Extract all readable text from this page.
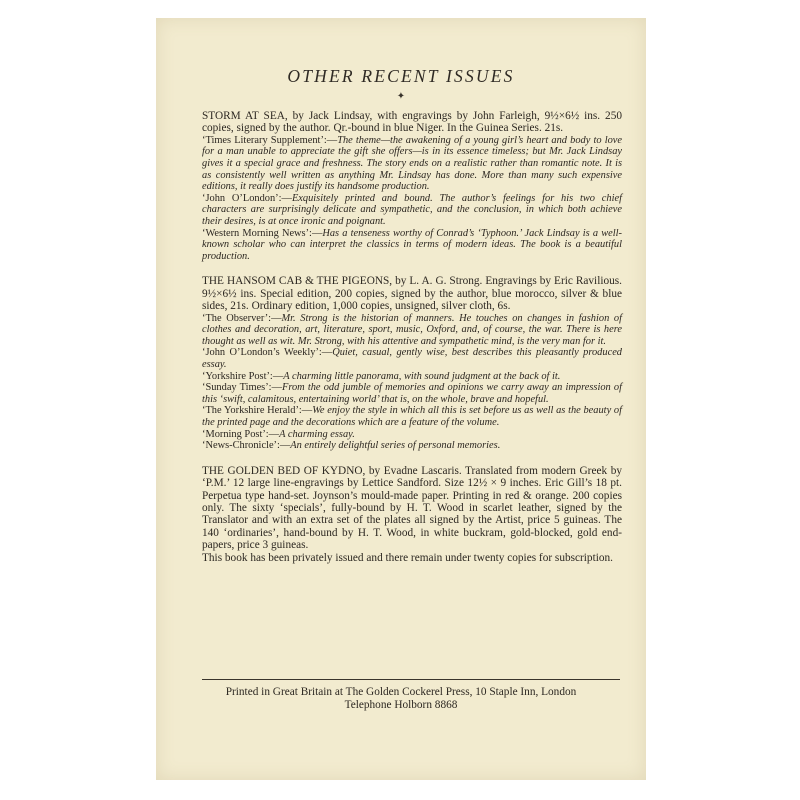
OTHER RECENT ISSUES
✦

STORM AT SEA, by Jack Lindsay, with engravings by John Farleigh, 9½×6½ ins. 250 copies, signed by the author. Qr.-bound in blue Niger. In the Guinea Series. 21s.

‘Times Literary Supplement’:—The theme—the awakening of a young girl’s heart and body to love for a man unable to appreciate the gift she offers—is in its essence timeless; but Mr. Jack Lindsay gives it a special grace and freshness. The story ends on a realistic rather than romantic note. It is as consistently well written as anything Mr. Lindsay has done. More than many such expensive editions, it really does justify its handsome production.

‘John O’London’:—Exquisitely printed and bound. The author’s feelings for his two chief characters are surprisingly delicate and sympathetic, and the conclusion, in which both achieve their desires, is at once ironic and poignant.

‘Western Morning News’:—Has a tenseness worthy of Conrad’s ‘Typhoon.’ Jack Lindsay is a well-known scholar who can interpret the classics in terms of modern ideas. The book is a beautiful production.

THE HANSOM CAB & THE PIGEONS, by L. A. G. Strong. Engravings by Eric Ravilious. 9½×6½ ins. Special edition, 200 copies, signed by the author, blue morocco, silver & blue sides, 21s. Ordinary edition, 1,000 copies, unsigned, silver cloth, 6s.

‘The Observer’:—Mr. Strong is the historian of manners. He touches on changes in fashion of clothes and decoration, art, literature, sport, music, Oxford, and, of course, the war. There is here thought as well as wit. Mr. Strong, with his attentive and sympathetic mind, is the very man for it.

‘John O’London’s Weekly’:—Quiet, casual, gently wise, best describes this pleasantly produced essay.

‘Yorkshire Post’:—A charming little panorama, with sound judgment at the back of it.

‘Sunday Times’:—From the odd jumble of memories and opinions we carry away an impression of this ‘swift, calamitous, entertaining world’ that is, on the whole, brave and hopeful.

‘The Yorkshire Herald’:—We enjoy the style in which all this is set before us as well as the beauty of the printed page and the decorations which are a feature of the volume.

‘Morning Post’:—A charming essay.

‘News-Chronicle’:—An entirely delightful series of personal memories.

THE GOLDEN BED OF KYDNO, by Evadne Lascaris. Translated from modern Greek by ‘P.M.’ 12 large line-engravings by Lettice Sandford. Size 12½ × 9 inches. Eric Gill’s 18 pt. Perpetua type hand-set. Joynson’s mould-made paper. Printing in red & orange. 200 copies only. The sixty ‘specials’, fully-bound by H. T. Wood in scarlet leather, signed by the Translator and with an extra set of the plates all signed by the Artist, price 5 guineas. The 140 ‘ordinaries’, hand-bound by H. T. Wood, in white buckram, gold-blocked, gold end-papers, price 3 guineas.

This book has been privately issued and there remain under twenty copies for subscription.

Printed in Great Britain at The Golden Cockerel Press, 10 Staple Inn, London
Telephone Holborn 8868
